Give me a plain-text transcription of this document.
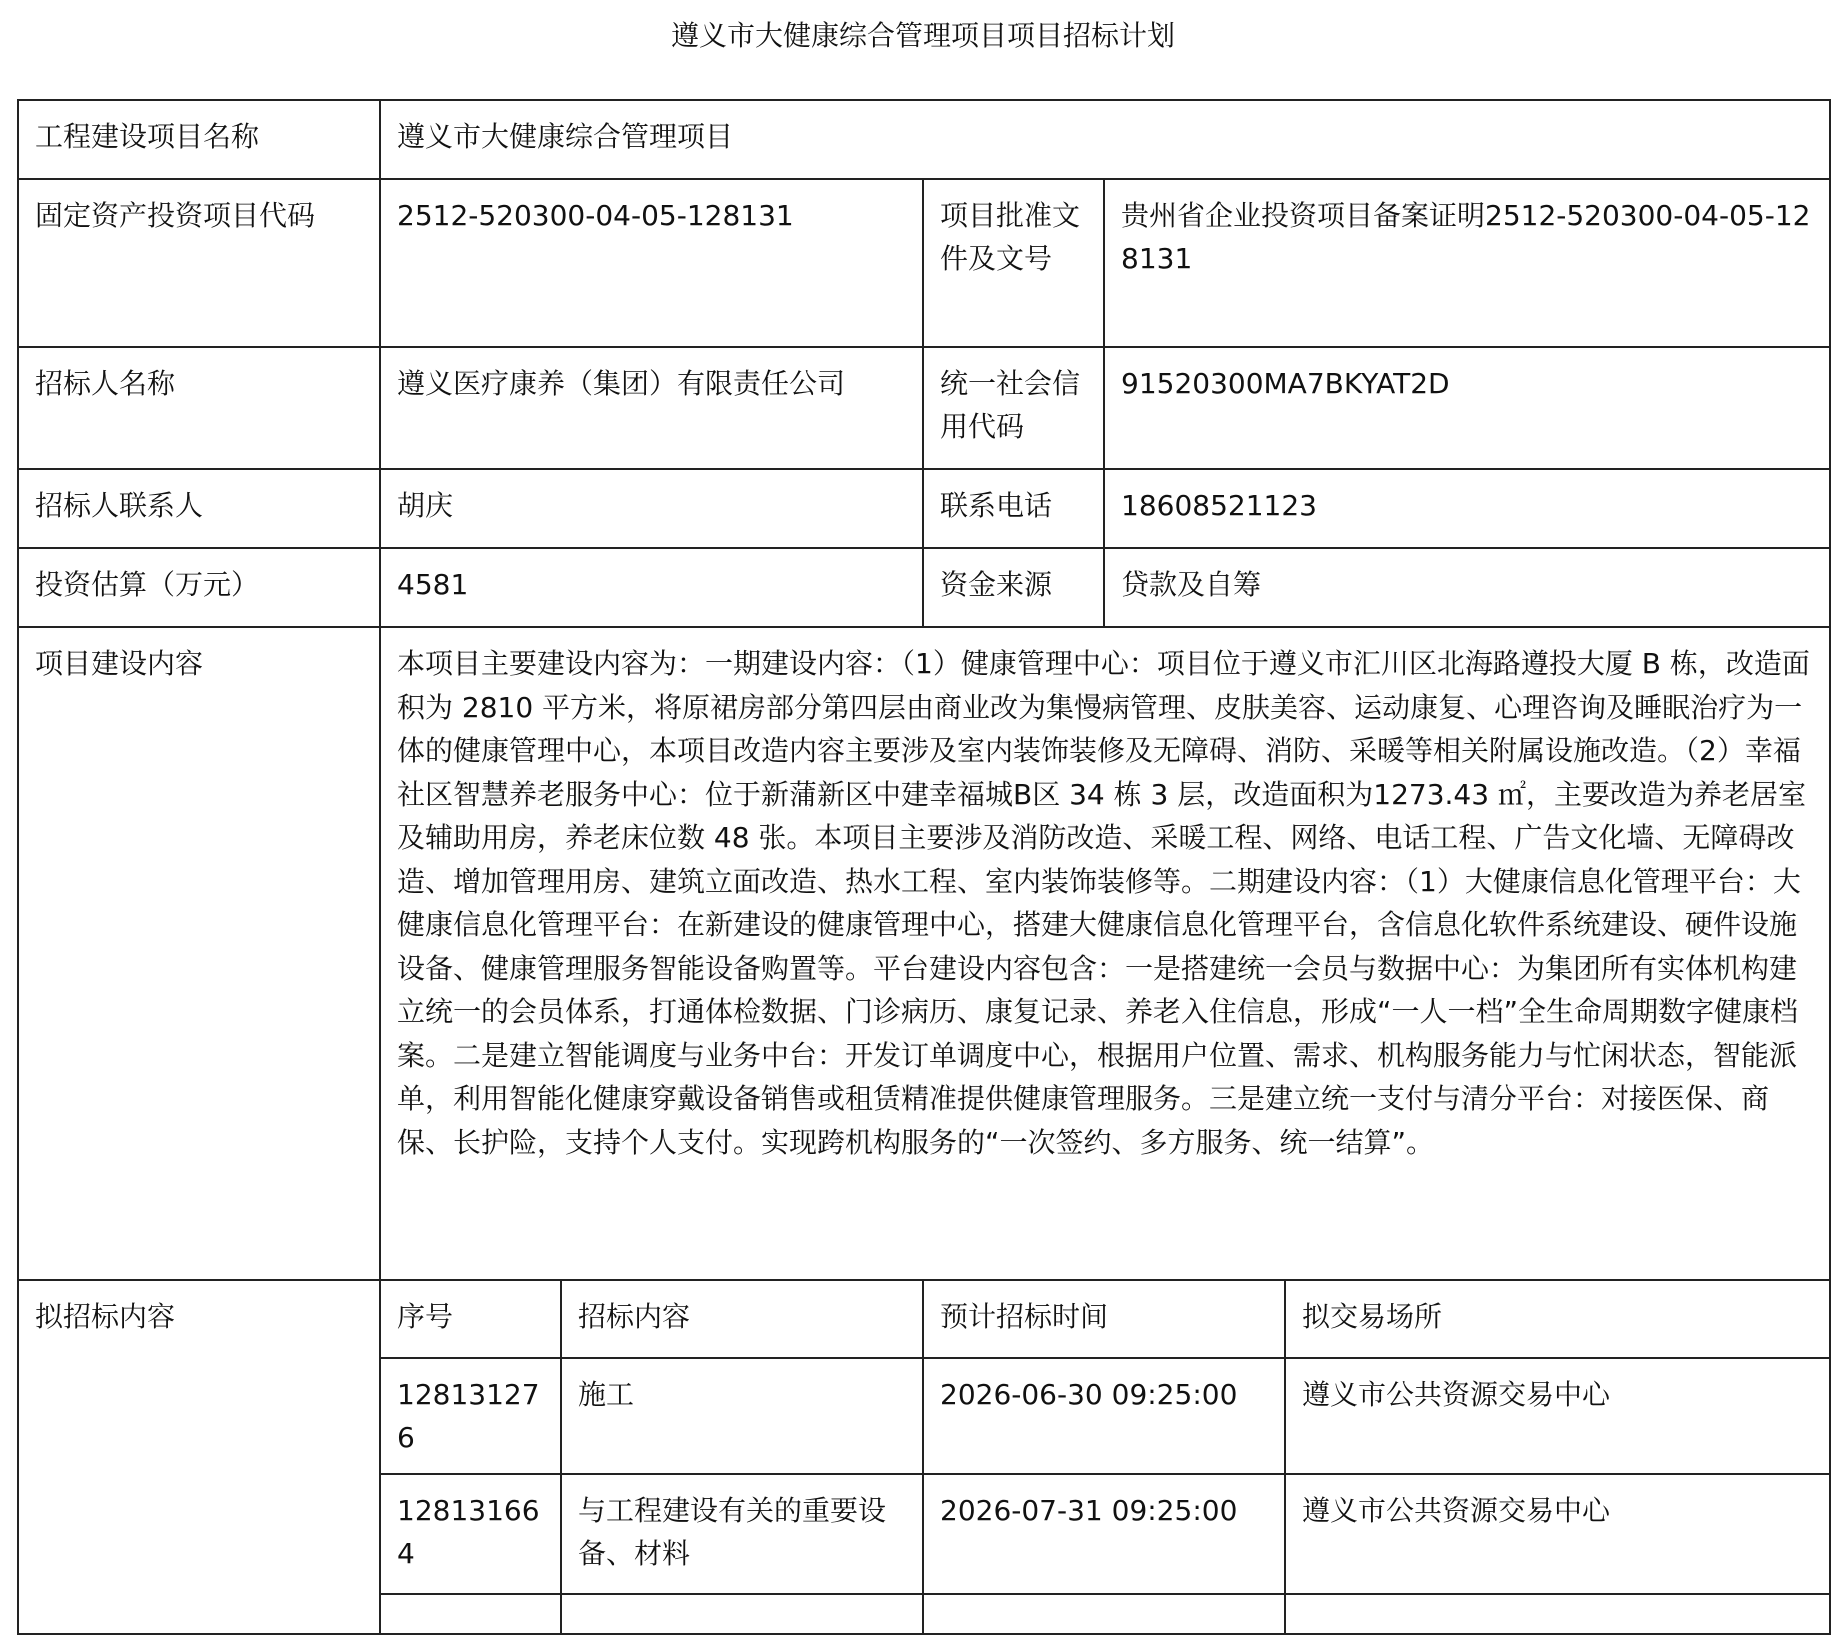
遵义市大健康综合管理项目项目招标计划
工程建设项目名称	遵义市大健康综合管理项目				
固定资产投资项目代码	2512-520300-04-05-128131		项目批准文件及文号	贵州省企业投资项目备案证明2512-520300-04-05-128131	
招标人名称	遵义医疗康养（集团）有限责任公司		统一社会信用代码	91520300MA7BKYAT2D	
招标人联系人	胡庆		联系电话	18608521123	
投资估算（万元）	4581		资金来源	贷款及自筹	
项目建设内容	本项目主要建设内容为：一期建设内容：（1）健康管理中心：项目位于遵义市汇川区北海路遵投大厦 B 栋，改造面积为 2810 平方米，将原裙房部分第四层由商业改为集慢病管理、皮肤美容、运动康复、心理咨询及睡眠治疗为一体的健康管理中心，本项目改造内容主要涉及室内装饰装修及无障碍、消防、采暖等相关附属设施改造。（2）幸福社区智慧养老服务中心：位于新蒲新区中建幸福城B区 34 栋 3 层，改造面积为1273.43 ㎡，主要改造为养老居室及辅助用房，养老床位数 48 张。本项目主要涉及消防改造、采暖工程、网络、电话工程、广告文化墙、无障碍改造、增加管理用房、建筑立面改造、热水工程、室内装饰装修等。二期建设内容：（1）大健康信息化管理平台：大健康信息化管理平台：在新建设的健康管理中心，搭建大健康信息化管理平台，含信息化软件系统建设、硬件设施设备、健康管理服务智能设备购置等。平台建设内容包含：一是搭建统一会员与数据中心：为集团所有实体机构建立统一的会员体系，打通体检数据、门诊病历、康复记录、养老入住信息，形成“一人一档”全生命周期数字健康档案。二是建立智能调度与业务中台：开发订单调度中心，根据用户位置、需求、机构服务能力与忙闲状态，智能派单，利用智能化健康穿戴设备销售或租赁精准提供健康管理服务。三是建立统一支付与清分平台：对接医保、商保、长护险，支持个人支付。实现跨机构服务的“一次签约、多方服务、统一结算”。				
拟招标内容	序号	招标内容	预计招标时间		拟交易场所
	128131276	施工	2026-06-30 09:25:00		遵义市公共资源交易中心
	128131664	与工程建设有关的重要设备、材料	2026-07-31 09:25:00		遵义市公共资源交易中心
